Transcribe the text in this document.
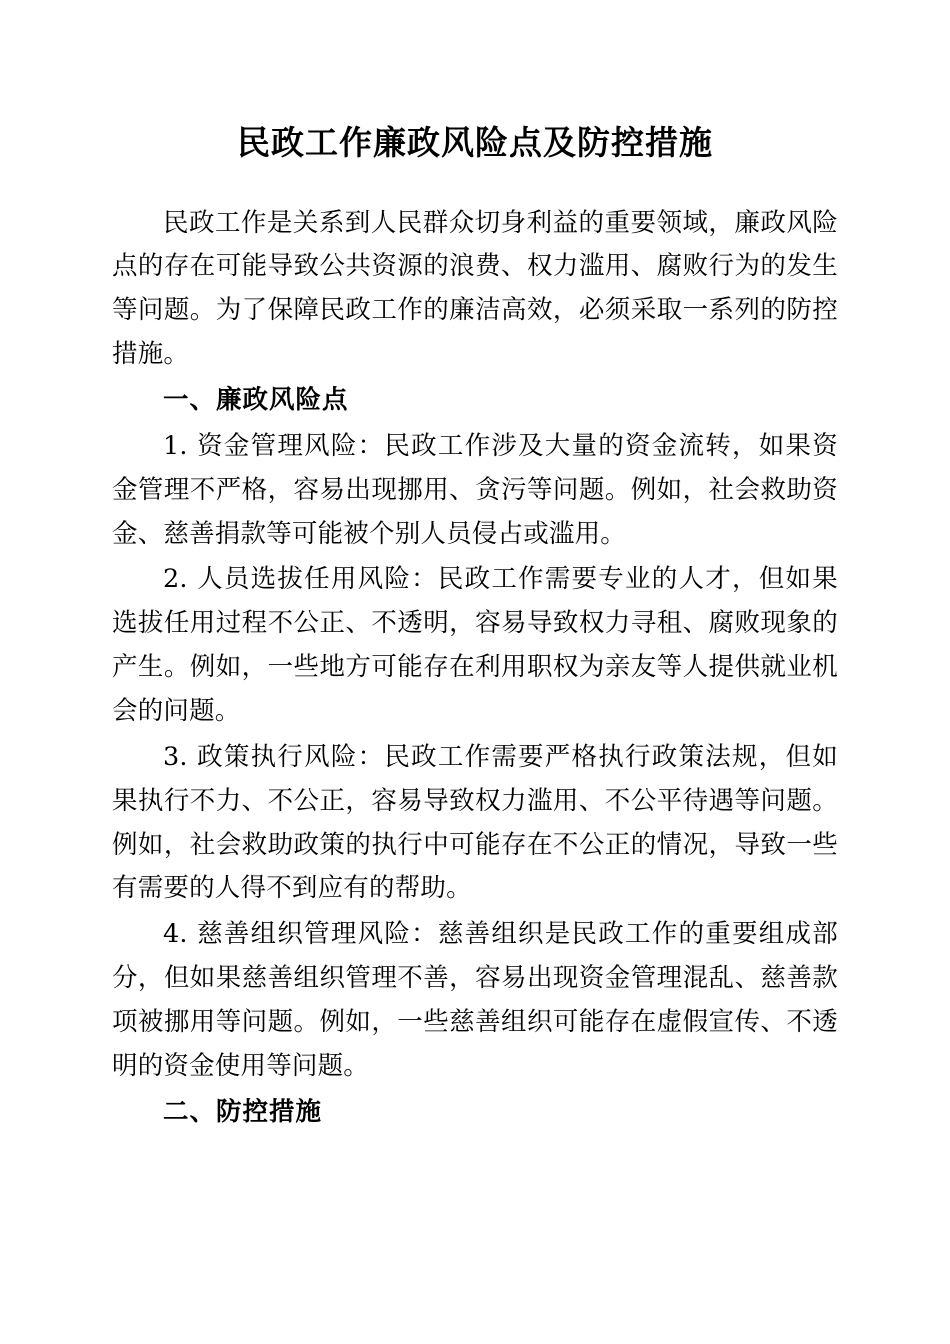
民政工作廉政风险点及防控措施

民政工作是关系到人民群众切身利益的重要领域，廉政风险点的存在可能导致公共资源的浪费、权力滥用、腐败行为的发生等问题。为了保障民政工作的廉洁高效，必须采取一系列的防控措施。

一、廉政风险点

1. 资金管理风险：民政工作涉及大量的资金流转，如果资金管理不严格，容易出现挪用、贪污等问题。例如，社会救助资金、慈善捐款等可能被个别人员侵占或滥用。

2. 人员选拔任用风险：民政工作需要专业的人才，但如果选拔任用过程不公正、不透明，容易导致权力寻租、腐败现象的产生。例如，一些地方可能存在利用职权为亲友等人提供就业机会的问题。

3. 政策执行风险：民政工作需要严格执行政策法规，但如果执行不力、不公正，容易导致权力滥用、不公平待遇等问题。例如，社会救助政策的执行中可能存在不公正的情况，导致一些有需要的人得不到应有的帮助。

4. 慈善组织管理风险：慈善组织是民政工作的重要组成部分，但如果慈善组织管理不善，容易出现资金管理混乱、慈善款项被挪用等问题。例如，一些慈善组织可能存在虚假宣传、不透明的资金使用等问题。

二、防控措施
